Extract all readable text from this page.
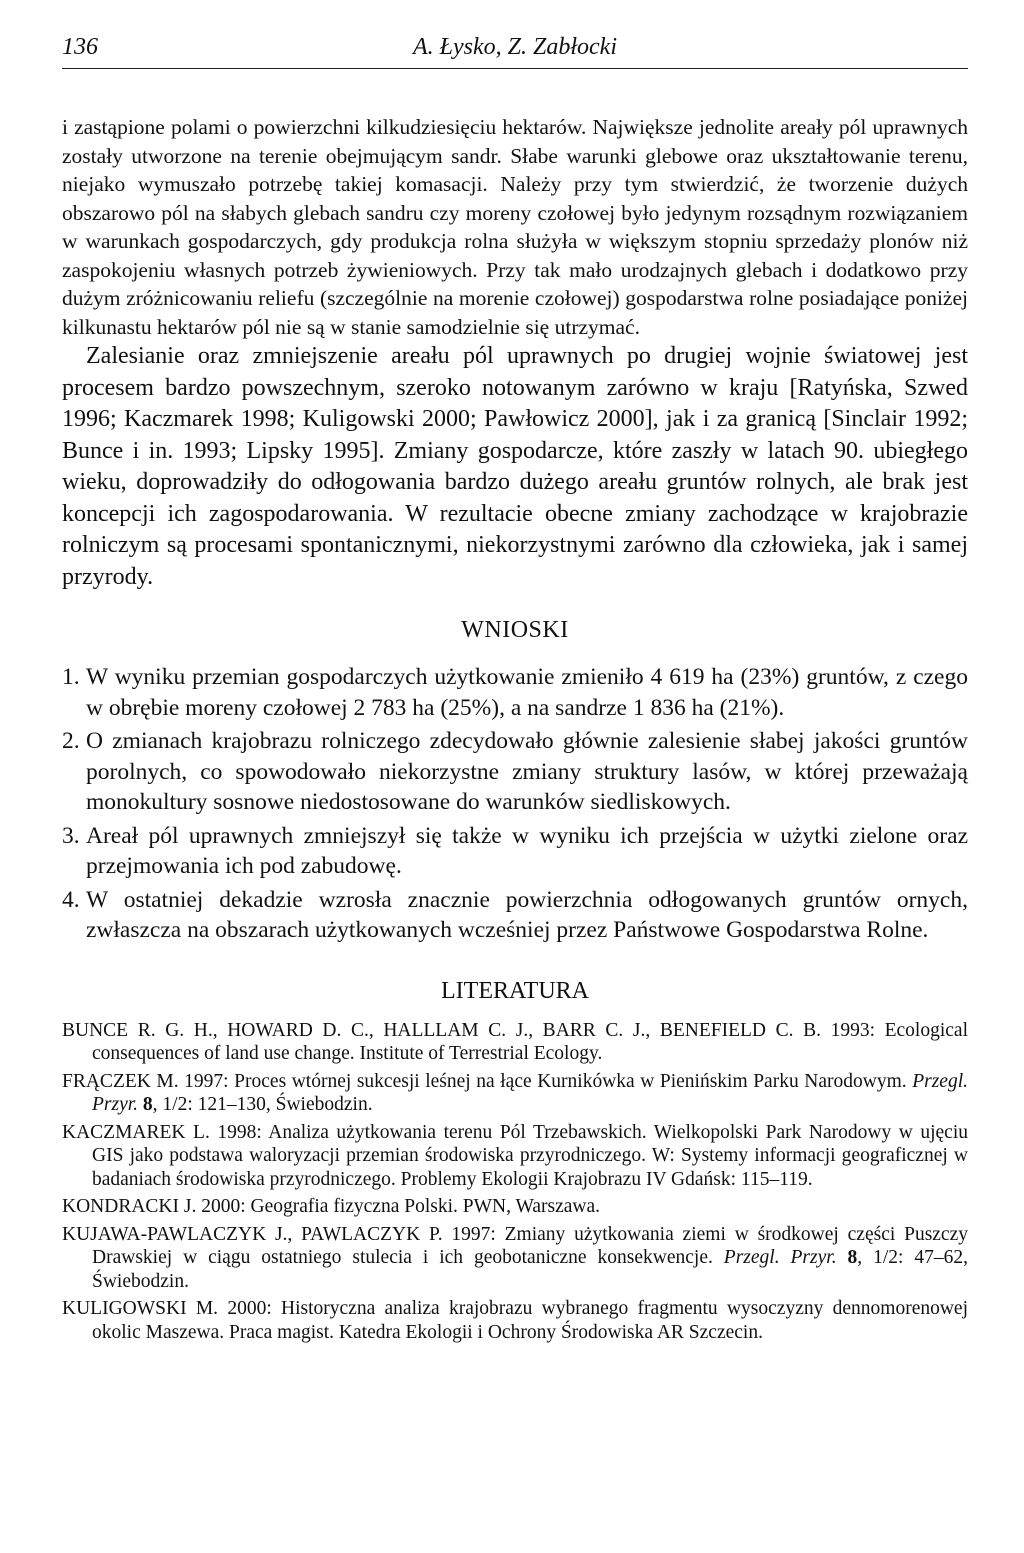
136	A. Łysko, Z. Zabłocki

i zastąpione polami o powierzchni kilkudziesięciu hektarów. Największe jednolite areały pól uprawnych zostały utworzone na terenie obejmującym sandr. Słabe warunki glebowe oraz ukształtowanie terenu, niejako wymuszało potrzebę takiej komasacji. Należy przy tym stwierdzić, że tworzenie dużych obszarowo pól na słabych glebach sandru czy moreny czołowej było jedynym rozsądnym rozwiązaniem w warunkach gospodarczych, gdy produkcja rolna służyła w większym stopniu sprzedaży plonów niż zaspokojeniu własnych potrzeb żywieniowych. Przy tak mało urodzajnych glebach i dodatkowo przy dużym zróżnicowaniu reliefu (szczególnie na morenie czołowej) gospodarstwa rolne posiadające poniżej kilkunastu hektarów pól nie są w stanie samodzielnie się utrzymać.

Zalesianie oraz zmniejszenie areału pól uprawnych po drugiej wojnie światowej jest procesem bardzo powszechnym, szeroko notowanym zarówno w kraju [Ratyńska, Szwed 1996; Kaczmarek 1998; Kuligowski 2000; Pawłowicz 2000], jak i za granicą [Sinclair 1992; Bunce i in. 1993; Lipsky 1995]. Zmiany gospodarcze, które zaszły w latach 90. ubiegłego wieku, doprowadziły do odłogowania bardzo dużego areału gruntów rolnych, ale brak jest koncepcji ich zagospodarowania. W rezultacie obecne zmiany zachodzące w krajobrazie rolniczym są procesami spontanicznymi, niekorzystnymi zarówno dla człowieka, jak i samej przyrody.

WNIOSKI
1. W wyniku przemian gospodarczych użytkowanie zmieniło 4 619 ha (23%) gruntów, z czego w obrębie moreny czołowej 2 783 ha (25%), a na sandrze 1 836 ha (21%).
2. O zmianach krajobrazu rolniczego zdecydowało głównie zalesienie słabej jakości gruntów porolnych, co spowodowało niekorzystne zmiany struktury lasów, w której przeważają monokultury sosnowe niedostosowane do warunków siedliskowych.
3. Areał pól uprawnych zmniejszył się także w wyniku ich przejścia w użytki zielone oraz przejmowania ich pod zabudowę.
4. W ostatniej dekadzie wzrosła znacznie powierzchnia odłogowanych gruntów ornych, zwłaszcza na obszarach użytkowanych wcześniej przez Państwowe Gospodarstwa Rolne.
LITERATURA

BUNCE R. G. H., HOWARD D. C., HALLLAM C. J., BARR C. J., BENEFIELD C. B. 1993: Ecological consequences of land use change. Institute of Terrestrial Ecology.

FRĄCZEK M. 1997: Proces wtórnej sukcesji leśnej na łące Kurnikówka w Pienińskim Parku Narodowym. Przegl. Przyr. 8, 1/2: 121–130, Świebodzin.

KACZMAREK L. 1998: Analiza użytkowania terenu Pól Trzebawskich. Wielkopolski Park Narodowy w ujęciu GIS jako podstawa waloryzacji przemian środowiska przyrodniczego. W: Systemy informacji geograficznej w badaniach środowiska przyrodniczego. Problemy Ekologii Krajobrazu IV Gdańsk: 115–119.

KONDRACKI J. 2000: Geografia fizyczna Polski. PWN, Warszawa.

KUJAWA-PAWLACZYK J., PAWLACZYK P. 1997: Zmiany użytkowania ziemi w środkowej części Puszczy Drawskiej w ciągu ostatniego stulecia i ich geobotaniczne konsekwencje. Przegl. Przyr. 8, 1/2: 47–62, Świebodzin.

KULIGOWSKI M. 2000: Historyczna analiza krajobrazu wybranego fragmentu wysoczyzny dennomorenowej okolic Maszewa. Praca magist. Katedra Ekologii i Ochrony Środowiska AR Szczecin.
